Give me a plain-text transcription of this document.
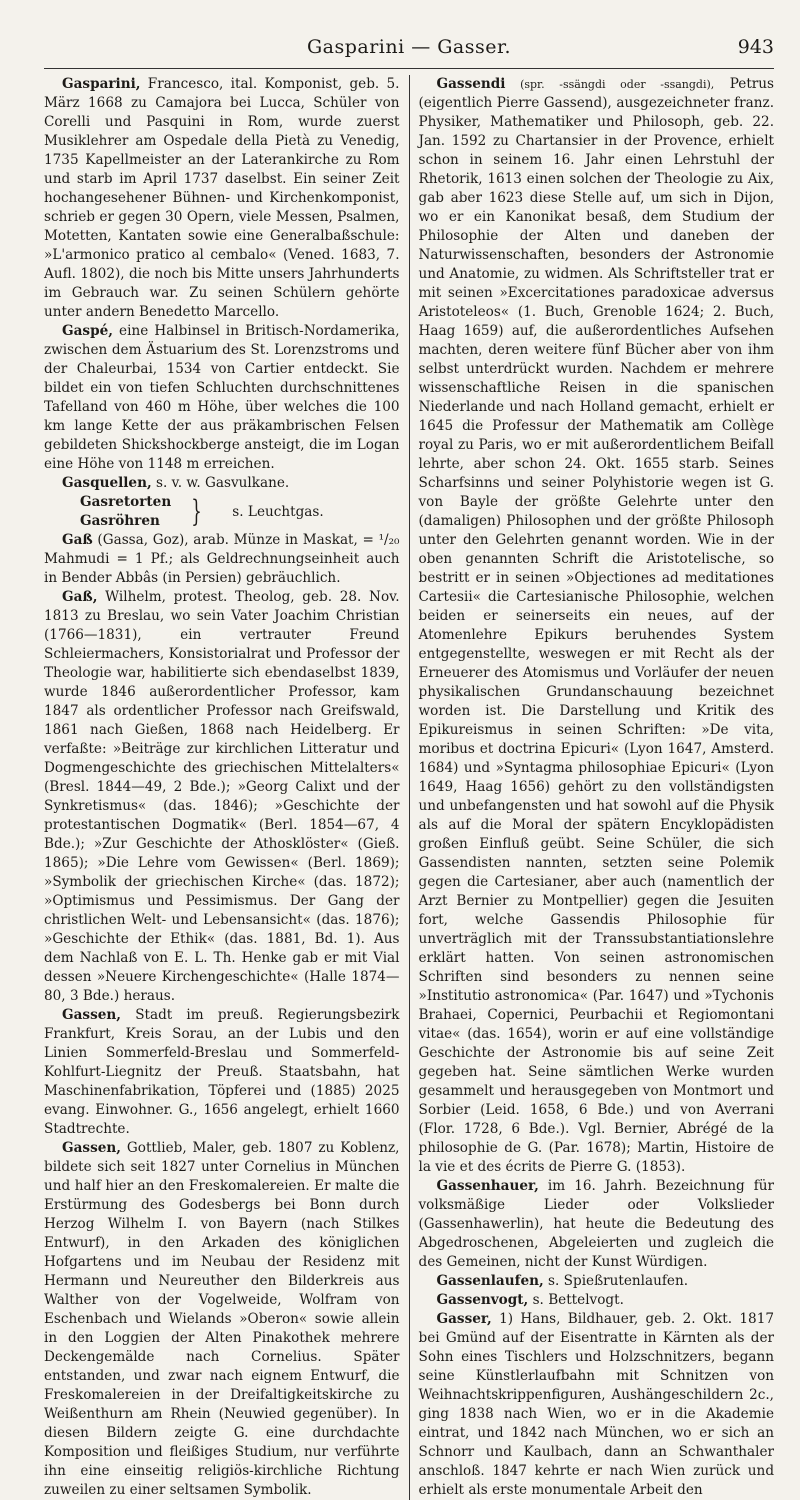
Gasparini — Gasser.	943

Gasparini, Francesco, ital. Komponist, geb. 5. März 1668 zu Camajora bei Lucca, Schüler von Corelli und Pasquini in Rom, wurde zuerst Musiklehrer am Ospedale della Pietà zu Venedig, 1735 Kapellmeister an der Laterankirche zu Rom und starb im April 1737 daselbst. Ein seiner Zeit hochangesehener Bühnen- und Kirchenkomponist, schrieb er gegen 30 Opern, viele Messen, Psalmen, Motetten, Kantaten sowie eine Generalbaßschule: »L'armonico pratico al cembalo« (Vened. 1683, 7. Aufl. 1802), die noch bis Mitte unsers Jahrhunderts im Gebrauch war. Zu seinen Schülern gehörte unter andern Benedetto Marcello.

Gaspé, eine Halbinsel in Britisch-Nordamerika, zwischen dem Ästuarium des St. Lorenzstroms und der Chaleurbai, 1534 von Cartier entdeckt. Sie bildet ein von tiefen Schluchten durchschnittenes Tafelland von 460 m Höhe, über welches die 100 km lange Kette der aus präkambrischen Felsen gebildeten Shickshockberge ansteigt, die im Logan eine Höhe von 1148 m erreichen.

Gasquellen, s. v. w. Gasvulkane.

Gasretorten
Gasröhren	}	s. Leuchtgas.

Gaß (Gassa, Goz), arab. Münze in Maskat, = ¹/₂₀ Mahmudi = 1 Pf.; als Geldrechnungseinheit auch in Bender Abbâs (in Persien) gebräuchlich.

Gaß, Wilhelm, protest. Theolog, geb. 28. Nov. 1813 zu Breslau, wo sein Vater Joachim Christian (1766—1831), ein vertrauter Freund Schleiermachers, Konsistorialrat und Professor der Theologie war, habilitierte sich ebendaselbst 1839, wurde 1846 außerordentlicher Professor, kam 1847 als ordentlicher Professor nach Greifswald, 1861 nach Gießen, 1868 nach Heidelberg. Er verfaßte: »Beiträge zur kirchlichen Litteratur und Dogmengeschichte des griechischen Mittelalters« (Bresl. 1844—49, 2 Bde.); »Georg Calixt und der Synkretismus« (das. 1846); »Geschichte der protestantischen Dogmatik« (Berl. 1854—67, 4 Bde.); »Zur Geschichte der Athosklöster« (Gieß. 1865); »Die Lehre vom Gewissen« (Berl. 1869); »Symbolik der griechischen Kirche« (das. 1872); »Optimismus und Pessimismus. Der Gang der christlichen Welt- und Lebensansicht« (das. 1876); »Geschichte der Ethik« (das. 1881, Bd. 1). Aus dem Nachlaß von E. L. Th. Henke gab er mit Vial dessen »Neuere Kirchengeschichte« (Halle 1874—80, 3 Bde.) heraus.

Gassen, Stadt im preuß. Regierungsbezirk Frankfurt, Kreis Sorau, an der Lubis und den Linien Sommerfeld-Breslau und Sommerfeld-Kohlfurt-Liegnitz der Preuß. Staatsbahn, hat Maschinenfabrikation, Töpferei und (1885) 2025 evang. Einwohner. G., 1656 angelegt, erhielt 1660 Stadtrechte.

Gassen, Gottlieb, Maler, geb. 1807 zu Koblenz, bildete sich seit 1827 unter Cornelius in München und half hier an den Freskomalereien. Er malte die Erstürmung des Godesbergs bei Bonn durch Herzog Wilhelm I. von Bayern (nach Stilkes Entwurf), in den Arkaden des königlichen Hofgartens und im Neubau der Residenz mit Hermann und Neureuther den Bilderkreis aus Walther von der Vogelweide, Wolfram von Eschenbach und Wielands »Oberon« sowie allein in den Loggien der Alten Pinakothek mehrere Deckengemälde nach Cornelius. Später entstanden, und zwar nach eignem Entwurf, die Freskomalereien in der Dreifaltigkeitskirche zu Weißenthurn am Rhein (Neuwied gegenüber). In diesen Bildern zeigte G. eine durchdachte Komposition und fleißiges Studium, nur verführte ihn eine einseitig religiös-kirchliche Richtung zuweilen zu einer seltsamen Symbolik.

Gassendi (spr. -ssängdi oder -ssangdi), Petrus (eigentlich Pierre Gassend), ausgezeichneter franz. Physiker, Mathematiker und Philosoph, geb. 22. Jan. 1592 zu Chartansier in der Provence, erhielt schon in seinem 16. Jahr einen Lehrstuhl der Rhetorik, 1613 einen solchen der Theologie zu Aix, gab aber 1623 diese Stelle auf, um sich in Dijon, wo er ein Kanonikat besaß, dem Studium der Philosophie der Alten und daneben der Naturwissenschaften, besonders der Astronomie und Anatomie, zu widmen. Als Schriftsteller trat er mit seinen »Excercitationes paradoxicae adversus Aristoteleos« (1. Buch, Grenoble 1624; 2. Buch, Haag 1659) auf, die außerordentliches Aufsehen machten, deren weitere fünf Bücher aber von ihm selbst unterdrückt wurden. Nachdem er mehrere wissenschaftliche Reisen in die spanischen Niederlande und nach Holland gemacht, erhielt er 1645 die Professur der Mathematik am Collège royal zu Paris, wo er mit außerordentlichem Beifall lehrte, aber schon 24. Okt. 1655 starb. Seines Scharfsinns und seiner Polyhistorie wegen ist G. von Bayle der größte Gelehrte unter den (damaligen) Philosophen und der größte Philosoph unter den Gelehrten genannt worden. Wie in der oben genannten Schrift die Aristotelische, so bestritt er in seinen »Objectiones ad meditationes Cartesii« die Cartesianische Philosophie, welchen beiden er seinerseits ein neues, auf der Atomenlehre Epikurs beruhendes System entgegenstellte, weswegen er mit Recht als der Erneuerer des Atomismus und Vorläufer der neuen physikalischen Grundanschauung bezeichnet worden ist. Die Darstellung und Kritik des Epikureismus in seinen Schriften: »De vita, moribus et doctrina Epicuri« (Lyon 1647, Amsterd. 1684) und »Syntagma philosophiae Epicuri« (Lyon 1649, Haag 1656) gehört zu den vollständigsten und unbefangensten und hat sowohl auf die Physik als auf die Moral der spätern Encyklopädisten großen Einfluß geübt. Seine Schüler, die sich Gassendisten nannten, setzten seine Polemik gegen die Cartesianer, aber auch (namentlich der Arzt Bernier zu Montpellier) gegen die Jesuiten fort, welche Gassendis Philosophie für unverträglich mit der Transsubstantiationslehre erklärt hatten. Von seinen astronomischen Schriften sind besonders zu nennen seine »Institutio astronomica« (Par. 1647) und »Tychonis Brahaei, Copernici, Peurbachii et Regiomontani vitae« (das. 1654), worin er auf eine vollständige Geschichte der Astronomie bis auf seine Zeit gegeben hat. Seine sämtlichen Werke wurden gesammelt und herausgegeben von Montmort und Sorbier (Leid. 1658, 6 Bde.) und von Averrani (Flor. 1728, 6 Bde.). Vgl. Bernier, Abrégé de la philosophie de G. (Par. 1678); Martin, Histoire de la vie et des écrits de Pierre G. (1853).

Gassenhauer, im 16. Jahrh. Bezeichnung für volksmäßige Lieder oder Volkslieder (Gassenhawerlin), hat heute die Bedeutung des Abgedroschenen, Abgeleierten und zugleich die des Gemeinen, nicht der Kunst Würdigen.

Gassenlaufen, s. Spießrutenlaufen.

Gassenvogt, s. Bettelvogt.

Gasser, 1) Hans, Bildhauer, geb. 2. Okt. 1817 bei Gmünd auf der Eisentratte in Kärnten als der Sohn eines Tischlers und Holzschnitzers, begann seine Künstlerlaufbahn mit Schnitzen von Weihnachtskrippenfiguren, Aushängeschildern 2c., ging 1838 nach Wien, wo er in die Akademie eintrat, und 1842 nach München, wo er sich an Schnorr und Kaulbach, dann an Schwanthaler anschloß. 1847 kehrte er nach Wien zurück und erhielt als erste monumentale Arbeit den
